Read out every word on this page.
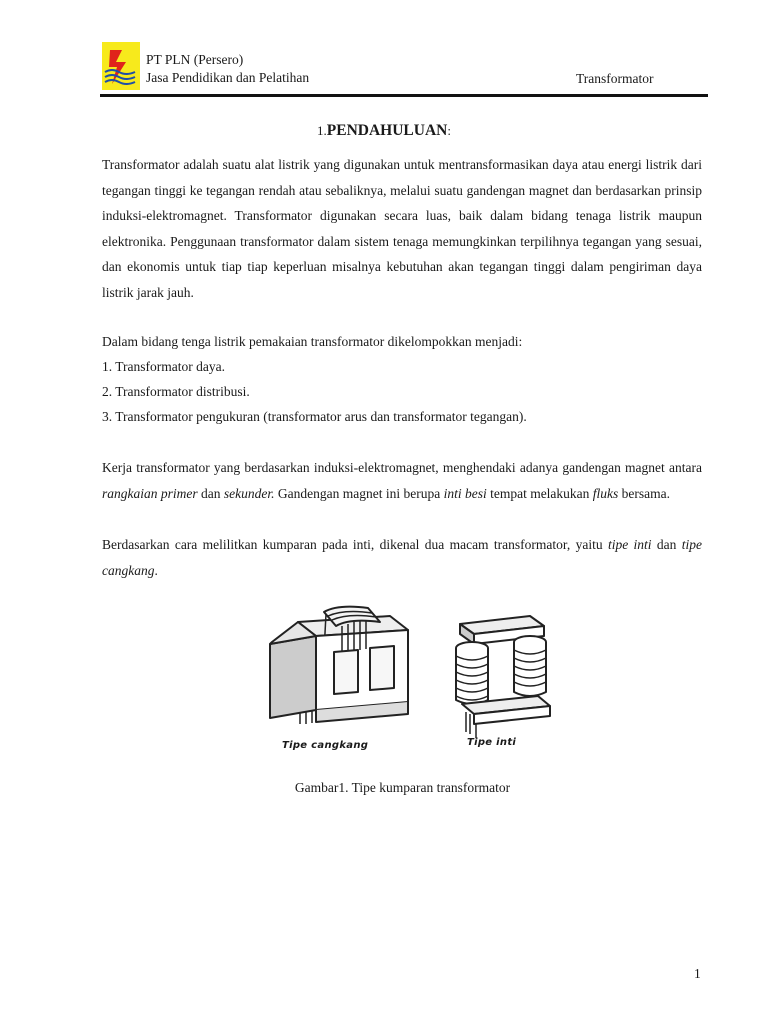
PT PLN (Persero)
Jasa Pendidikan dan Pelatihan	Transformator
1.PENDAHULUAN:

Transformator adalah suatu alat listrik yang digunakan untuk mentransformasikan daya atau energi listrik dari tegangan tinggi ke tegangan rendah atau sebaliknya, melalui suatu gandengan magnet dan berdasarkan prinsip induksi-elektromagnet. Transformator digunakan secara luas, baik dalam bidang tenaga listrik maupun elektronika. Penggunaan transformator dalam sistem tenaga memungkinkan terpilihnya tegangan yang sesuai, dan ekonomis untuk tiap tiap keperluan misalnya kebutuhan akan tegangan tinggi dalam pengiriman daya listrik jarak jauh.

Dalam bidang tenga listrik pemakaian transformator dikelompokkan menjadi:
1. Transformator daya.
2. Transformator distribusi.
3. Transformator pengukuran (transformator arus dan transformator tegangan).

Kerja transformator yang berdasarkan induksi-elektromagnet, menghendaki adanya gandengan magnet antara rangkaian primer dan sekunder. Gandengan magnet ini berupa inti besi tempat melakukan fluks bersama.

Berdasarkan cara melilitkan kumparan pada inti, dikenal dua macam transformator, yaitu tipe inti dan tipe cangkang.

Tipe cangkang	Tipe inti
Gambar1. Tipe kumparan transformator
1
